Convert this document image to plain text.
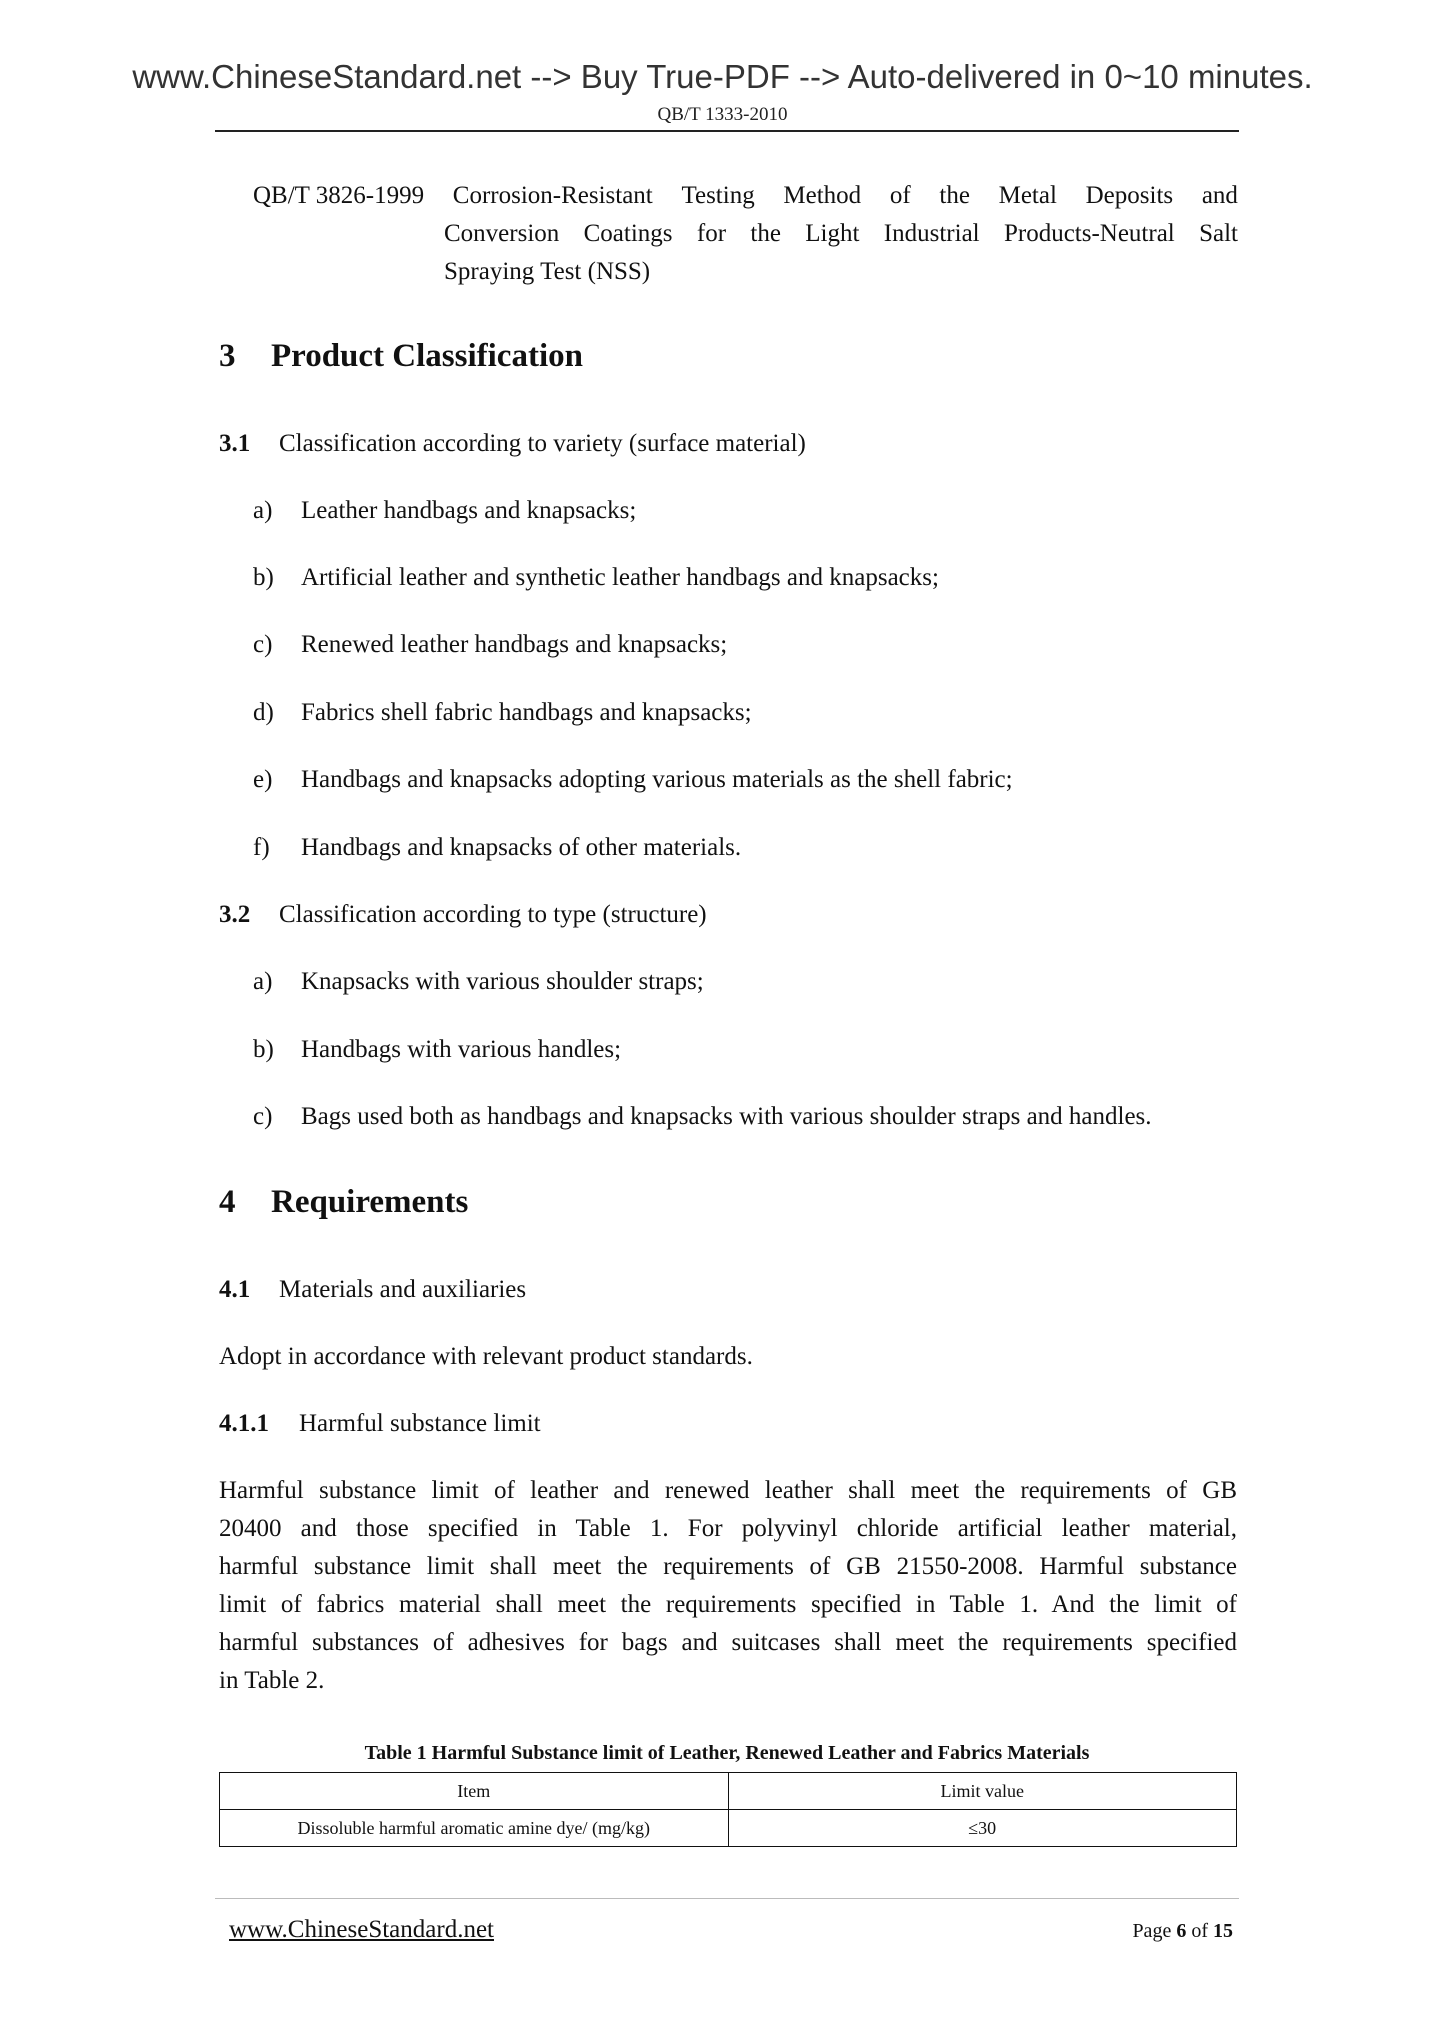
www.ChineseStandard.net --> Buy True-PDF --> Auto-delivered in 0~10 minutes.
QB/T 1333-2010
QB/T 3826-1999 Corrosion-Resistant Testing Method of the Metal Deposits and
Conversion Coatings for the Light Industrial Products-Neutral Salt
Spraying Test (NSS)
3 Product Classification
3.1 Classification according to variety (surface material)
a) Leather handbags and knapsacks;
b) Artificial leather and synthetic leather handbags and knapsacks;
c) Renewed leather handbags and knapsacks;
d) Fabrics shell fabric handbags and knapsacks;
e) Handbags and knapsacks adopting various materials as the shell fabric;
f) Handbags and knapsacks of other materials.
3.2 Classification according to type (structure)
a) Knapsacks with various shoulder straps;
b) Handbags with various handles;
c) Bags used both as handbags and knapsacks with various shoulder straps and handles.
4 Requirements
4.1 Materials and auxiliaries
Adopt in accordance with relevant product standards.
4.1.1 Harmful substance limit
Harmful substance limit of leather and renewed leather shall meet the requirements of GB
20400 and those specified in Table 1. For polyvinyl chloride artificial leather material,
harmful substance limit shall meet the requirements of GB 21550-2008. Harmful substance
limit of fabrics material shall meet the requirements specified in Table 1. And the limit of
harmful substances of adhesives for bags and suitcases shall meet the requirements specified
in Table 2.
Table 1 Harmful Substance limit of Leather, Renewed Leather and Fabrics Materials
Item	Limit value
Dissoluble harmful aromatic amine dye/ (mg/kg)	≤30
www.ChineseStandard.net	Page 6 of 15
